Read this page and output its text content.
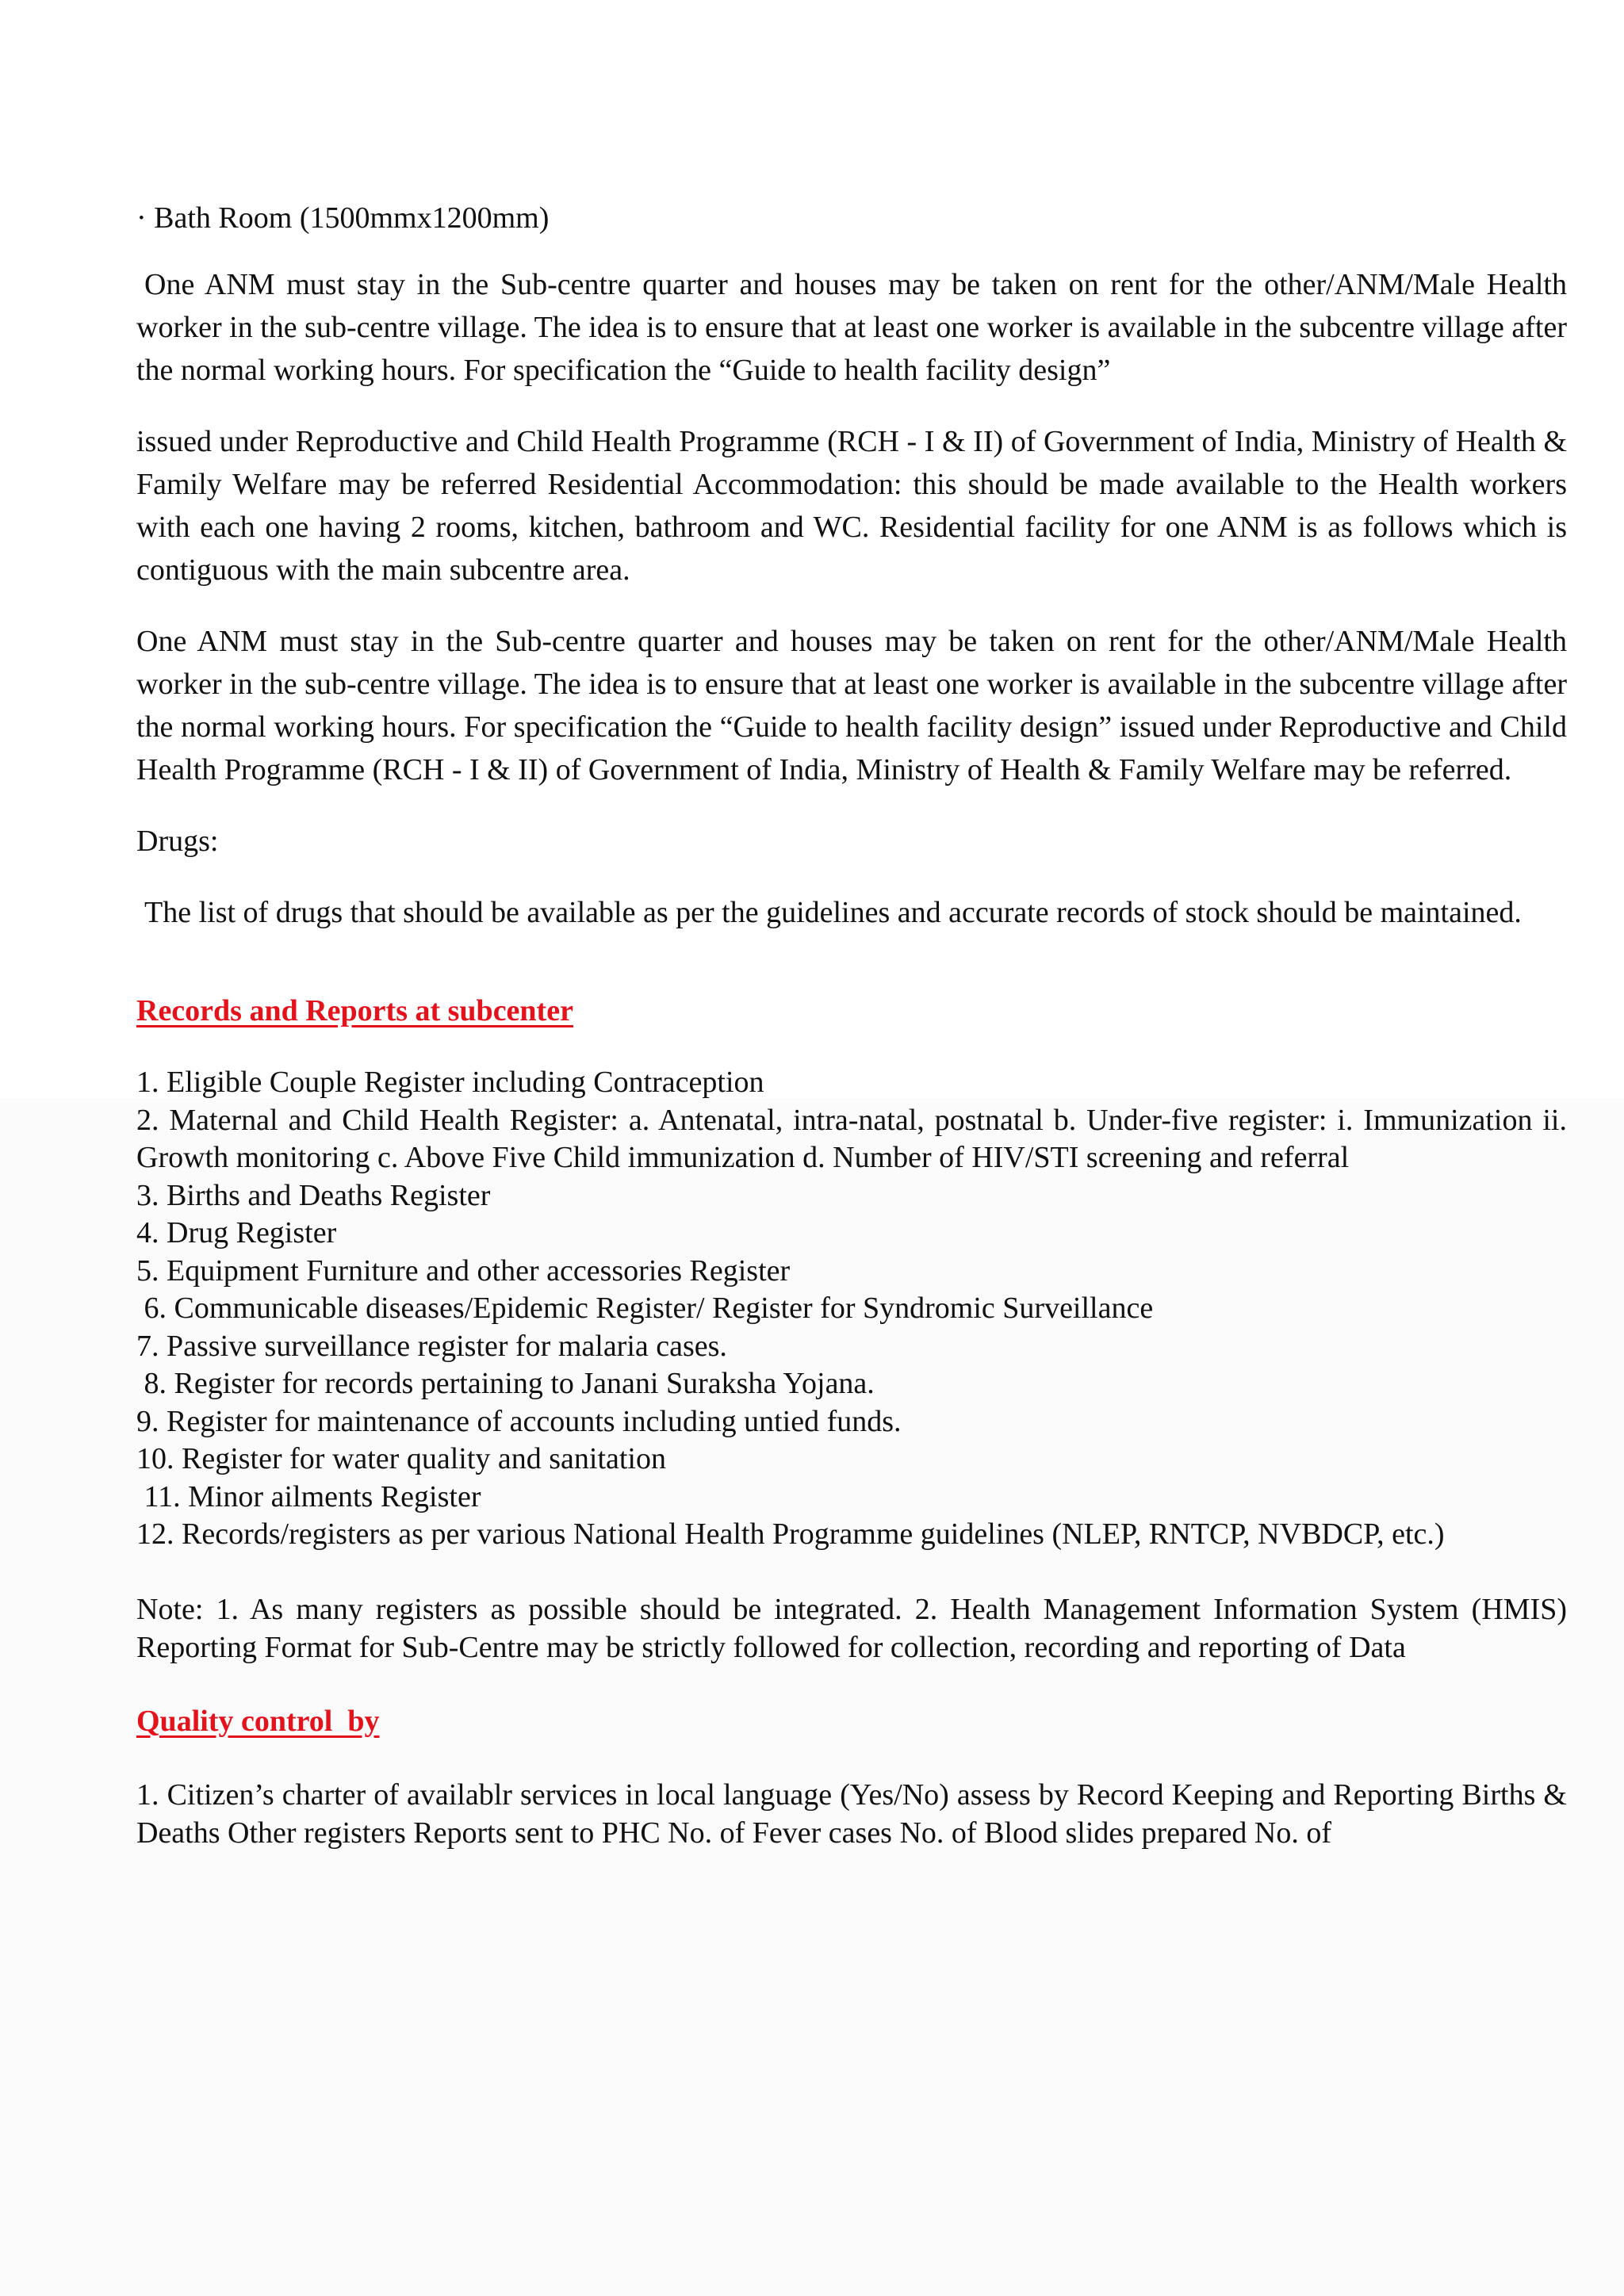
· Bath Room (1500mmx1200mm)

One ANM must stay in the Sub-centre quarter and houses may be taken on rent for the other/ANM/Male Health worker in the sub-centre village. The idea is to ensure that at least one worker is available in the subcentre village after the normal working hours. For specification the “Guide to health facility design”

issued under Reproductive and Child Health Programme (RCH - I & II) of Government of India, Ministry of Health & Family Welfare may be referred Residential Accommodation: this should be made available to the Health workers with each one having 2 rooms, kitchen, bathroom and WC. Residential facility for one ANM is as follows which is contiguous with the main subcentre area.

One ANM must stay in the Sub-centre quarter and houses may be taken on rent for the other/ANM/Male Health worker in the sub-centre village. The idea is to ensure that at least one worker is available in the subcentre village after the normal working hours. For specification the “Guide to health facility design” issued under Reproductive and Child Health Programme (RCH - I & II) of Government of India, Ministry of Health & Family Welfare may be referred.

Drugs:

The list of drugs that should be available as per the guidelines and accurate records of stock should be maintained.

Records and Reports at subcenter

1. Eligible Couple Register including Contraception
2. Maternal and Child Health Register: a. Antenatal, intra-natal, postnatal b. Under-five register: i. Immunization ii. Growth monitoring c. Above Five Child immunization d. Number of HIV/STI screening and referral
3. Births and Deaths Register
4. Drug Register
5. Equipment Furniture and other accessories Register
6. Communicable diseases/Epidemic Register/ Register for Syndromic Surveillance
7. Passive surveillance register for malaria cases.
8. Register for records pertaining to Janani Suraksha Yojana.
9. Register for maintenance of accounts including untied funds.
10. Register for water quality and sanitation
11. Minor ailments Register
12. Records/registers as per various National Health Programme guidelines (NLEP, RNTCP, NVBDCP, etc.)

Note: 1. As many registers as possible should be integrated. 2. Health Management Information System (HMIS) Reporting Format for Sub-Centre may be strictly followed for collection, recording and reporting of Data

Quality control  by

1. Citizen’s charter of availablr services in local language (Yes/No) assess by Record Keeping and Reporting Births & Deaths Other registers Reports sent to PHC No. of Fever cases No. of Blood slides prepared No. of
